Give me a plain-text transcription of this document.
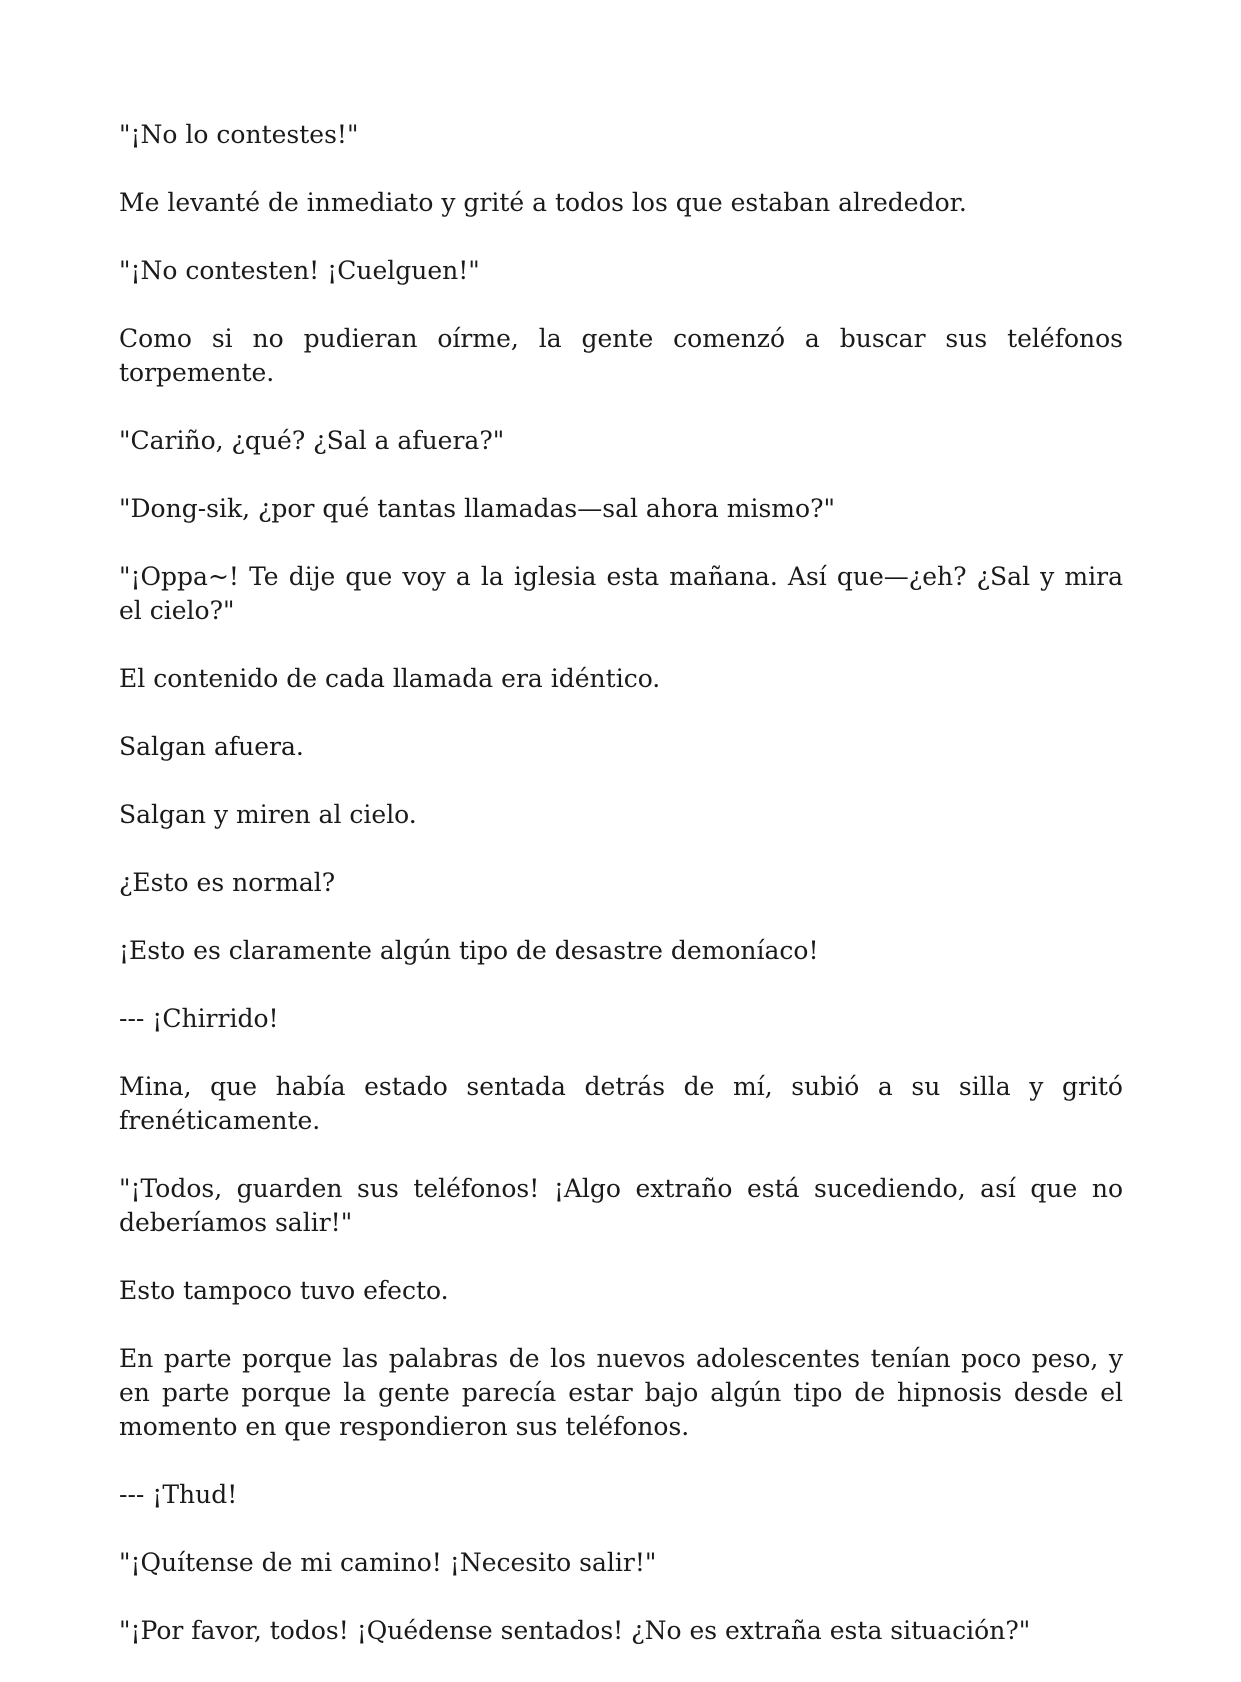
"¡No lo contestes!"

Me levanté de inmediato y grité a todos los que estaban alrededor.

"¡No contesten! ¡Cuelguen!"

Como si no pudieran oírme, la gente comenzó a buscar sus teléfonos torpemente.

"Cariño, ¿qué? ¿Sal a afuera?"

"Dong-sik, ¿por qué tantas llamadas—sal ahora mismo?"

"¡Oppa~! Te dije que voy a la iglesia esta mañana. Así que—¿eh? ¿Sal y mira el cielo?"

El contenido de cada llamada era idéntico.

Salgan afuera.

Salgan y miren al cielo.

¿Esto es normal?

¡Esto es claramente algún tipo de desastre demoníaco!

--- ¡Chirrido!

Mina, que había estado sentada detrás de mí, subió a su silla y gritó frenéticamente.

"¡Todos, guarden sus teléfonos! ¡Algo extraño está sucediendo, así que no deberíamos salir!"

Esto tampoco tuvo efecto.

En parte porque las palabras de los nuevos adolescentes tenían poco peso, y en parte porque la gente parecía estar bajo algún tipo de hipnosis desde el momento en que respondieron sus teléfonos.

--- ¡Thud!

"¡Quítense de mi camino! ¡Necesito salir!"

"¡Por favor, todos! ¡Quédense sentados! ¿No es extraña esta situación?"
